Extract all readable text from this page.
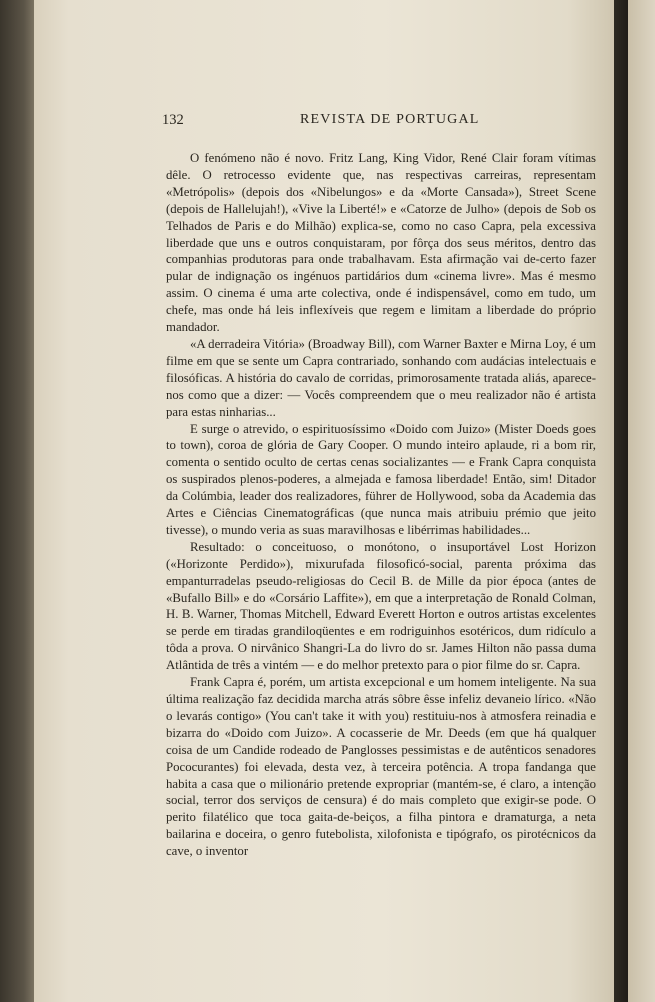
132	REVISTA DE PORTUGAL

O fenómeno não é novo. Fritz Lang, King Vidor, René Clair foram vítimas dêle. O retrocesso evidente que, nas respectivas carreiras, representam «Metrópolis» (depois dos «Nibelungos» e da «Morte Cansada»), Street Scene (depois de Hallelujah!), «Vive la Liberté!» e «Catorze de Julho» (depois de Sob os Telhados de Paris e do Milhão) explica-se, como no caso Capra, pela excessiva liberdade que uns e outros conquistaram, por fôrça dos seus méritos, dentro das companhias produtoras para onde trabalhavam. Esta afirmação vai de-certo fazer pular de indignação os ingénuos partidários dum «cinema livre». Mas é mesmo assim. O cinema é uma arte colectiva, onde é indispensável, como em tudo, um chefe, mas onde há leis inflexíveis que regem e limitam a liberdade do próprio mandador.

«A derradeira Vitória» (Broadway Bill), com Warner Baxter e Mirna Loy, é um filme em que se sente um Capra contrariado, sonhando com audácias intelectuais e filosóficas. A história do cavalo de corridas, primorosamente tratada aliás, aparece-nos como que a dizer: — Vocês compreendem que o meu realizador não é artista para estas ninharias...

E surge o atrevido, o espirituosíssimo «Doido com Juizo» (Mister Doeds goes to town), coroa de glória de Gary Cooper. O mundo inteiro aplaude, ri a bom rir, comenta o sentido oculto de certas cenas socializantes — e Frank Capra conquista os suspirados plenos-poderes, a almejada e famosa liberdade! Então, sim! Ditador da Colúmbia, leader dos realizadores, führer de Hollywood, soba da Academia das Artes e Ciências Cinematográficas (que nunca mais atribuiu prémio que jeito tivesse), o mundo veria as suas maravilhosas e libérrimas habilidades...

Resultado: o conceituoso, o monótono, o insuportável Lost Horizon («Horizonte Perdido»), mixurufada filosoficó-social, parenta próxima das empanturradelas pseudo-religiosas do Cecil B. de Mille da pior época (antes de «Bufallo Bill» e do «Corsário Laffite»), em que a interpretação de Ronald Colman, H. B. Warner, Thomas Mitchell, Edward Everett Horton e outros artistas excelentes se perde em tiradas grandiloqüentes e em rodriguinhos esotéricos, dum ridículo a tôda a prova. O nirvânico Shangri-La do livro do sr. James Hilton não passa duma Atlântida de três a vintém — e do melhor pretexto para o pior filme do sr. Capra.

Frank Capra é, porém, um artista excepcional e um homem inteligente. Na sua última realização faz decidida marcha atrás sôbre êsse infeliz devaneio lírico. «Não o levarás contigo» (You can't take it with you) restituiu-nos à atmosfera reinadia e bizarra do «Doido com Juizo». A cocasserie de Mr. Deeds (em que há qualquer coisa de um Candide rodeado de Panglosses pessimistas e de autênticos senadores Pococurantes) foi elevada, desta vez, à terceira potência. A tropa fandanga que habita a casa que o milionário pretende expropriar (mantém-se, é claro, a intenção social, terror dos serviços de censura) é do mais completo que exigir-se pode. O perito filatélico que toca gaita-de-beiços, a filha pintora e dramaturga, a neta bailarina e doceira, o genro futebolista, xilofonista e tipógrafo, os pirotécnicos da cave, o inventor
